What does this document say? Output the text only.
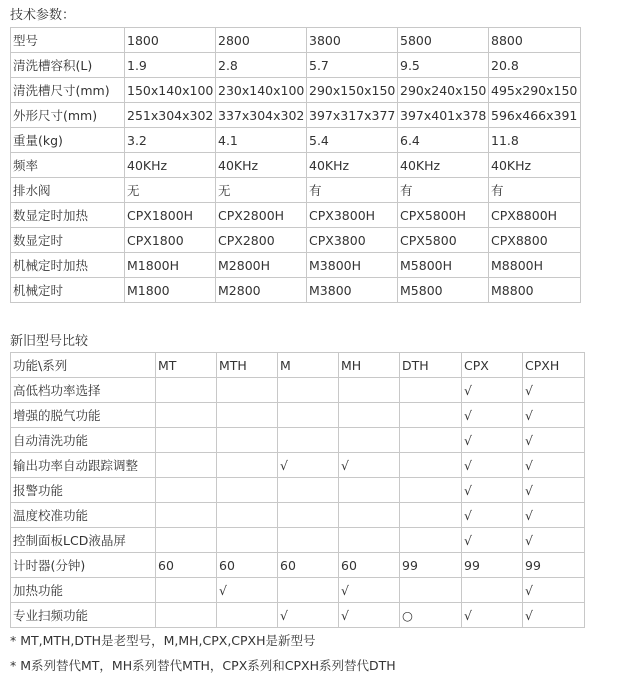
技术参数：
型号	1800	2800	3800	5800	8800
清洗槽容积(L)	1.9	2.8	5.7	9.5	20.8
清洗槽尺寸(mm)	150x140x100	230x140x100	290x150x150	290x240x150	495x290x150
外形尺寸(mm)	251x304x302	337x304x302	397x317x377	397x401x378	596x466x391
重量(kg)	3.2	4.1	5.4	6.4	11.8
频率	40KHz	40KHz	40KHz	40KHz	40KHz
排水阀	无	无	有	有	有
数显定时加热	CPX1800H	CPX2800H	CPX3800H	CPX5800H	CPX8800H
数显定时	CPX1800	CPX2800	CPX3800	CPX5800	CPX8800
机械定时加热	M1800H	M2800H	M3800H	M5800H	M8800H
机械定时	M1800	M2800	M3800	M5800	M8800
新旧型号比较
功能\系列	MT	MTH	M	MH	DTH	CPX	CPXH
高低档功率选择						√	√
增强的脱气功能						√	√
自动清洗功能						√	√
输出功率自动跟踪调整			√	√		√	√
报警功能						√	√
温度校准功能						√	√
控制面板LCD液晶屏						√	√
计时器(分钟)	60	60	60	60	99	99	99
加热功能		√		√			√
专业扫频功能			√	√	○	√	√

* MT,MTH,DTH是老型号，M,MH,CPX,CPXH是新型号

* M系列替代MT，MH系列替代MTH，CPX系列和CPXH系列替代DTH
